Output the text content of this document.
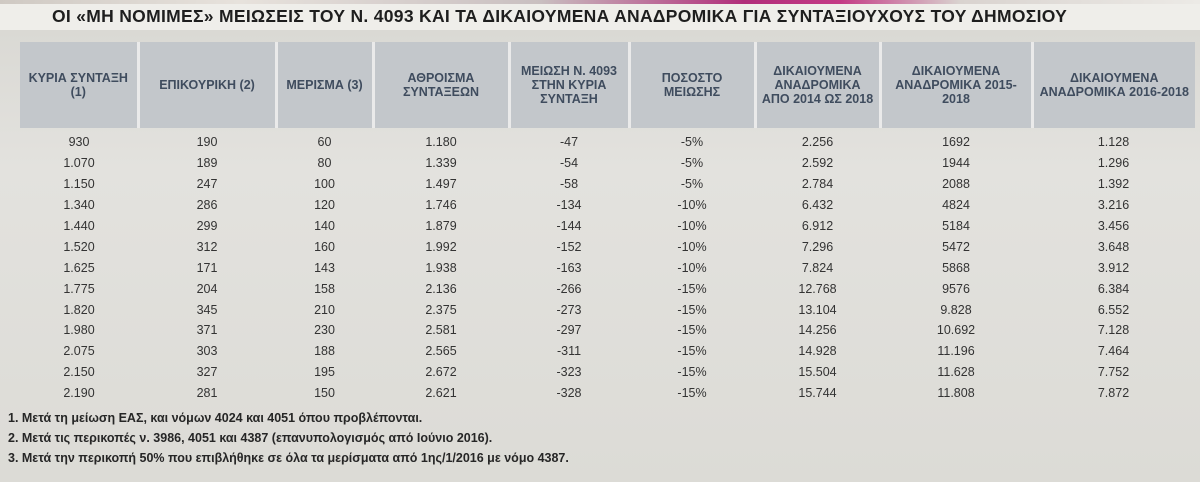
ΟΙ «ΜΗ ΝΟΜΙΜΕΣ» ΜΕΙΩΣΕΙΣ ΤΟΥ Ν. 4093 ΚΑΙ ΤΑ ΔΙΚΑΙΟΥΜΕΝΑ ΑΝΑΔΡΟΜΙΚΑ ΓΙΑ ΣΥΝΤΑΞΙΟΥΧΟΥΣ ΤΟΥ ΔΗΜΟΣΙΟΥ
ΚΥΡΙΑ ΣΥΝΤΑΞΗ (1)	ΕΠΙΚΟΥΡΙΚΗ (2)	ΜΕΡΙΣΜΑ (3)	ΑΘΡΟΙΣΜΑ ΣΥΝΤΑΞΕΩΝ	ΜΕΙΩΣΗ Ν. 4093 ΣΤΗΝ ΚΥΡΙΑ ΣΥΝΤΑΞΗ	ΠΟΣΟΣΤΟ ΜΕΙΩΣΗΣ	ΔΙΚΑΙΟΥΜΕΝΑ ΑΝΑΔΡΟΜΙΚΑ ΑΠΟ 2014 ΩΣ 2018	ΔΙΚΑΙΟΥΜΕΝΑ ΑΝΑΔΡΟΜΙΚΑ 2015-2018	ΔΙΚΑΙΟΥΜΕΝΑ ΑΝΑΔΡΟΜΙΚΑ 2016-2018
930	190	60	1.180	-47	-5%	2.256	1692	1.128
1.070	189	80	1.339	-54	-5%	2.592	1944	1.296
1.150	247	100	1.497	-58	-5%	2.784	2088	1.392
1.340	286	120	1.746	-134	-10%	6.432	4824	3.216
1.440	299	140	1.879	-144	-10%	6.912	5184	3.456
1.520	312	160	1.992	-152	-10%	7.296	5472	3.648
1.625	171	143	1.938	-163	-10%	7.824	5868	3.912
1.775	204	158	2.136	-266	-15%	12.768	9576	6.384
1.820	345	210	2.375	-273	-15%	13.104	9.828	6.552
1.980	371	230	2.581	-297	-15%	14.256	10.692	7.128
2.075	303	188	2.565	-311	-15%	14.928	11.196	7.464
2.150	327	195	2.672	-323	-15%	15.504	11.628	7.752
2.190	281	150	2.621	-328	-15%	15.744	11.808	7.872
1. Μετά τη μείωση ΕΑΣ, και νόμων 4024 και 4051 όπου προβλέπονται.
2. Μετά τις περικοπές ν. 3986, 4051 και 4387 (επανυπολογισμός από Ιούνιο 2016).
3. Μετά την περικοπή 50% που επιβλήθηκε σε όλα τα μερίσματα από 1ης/1/2016 με νόμο 4387.
